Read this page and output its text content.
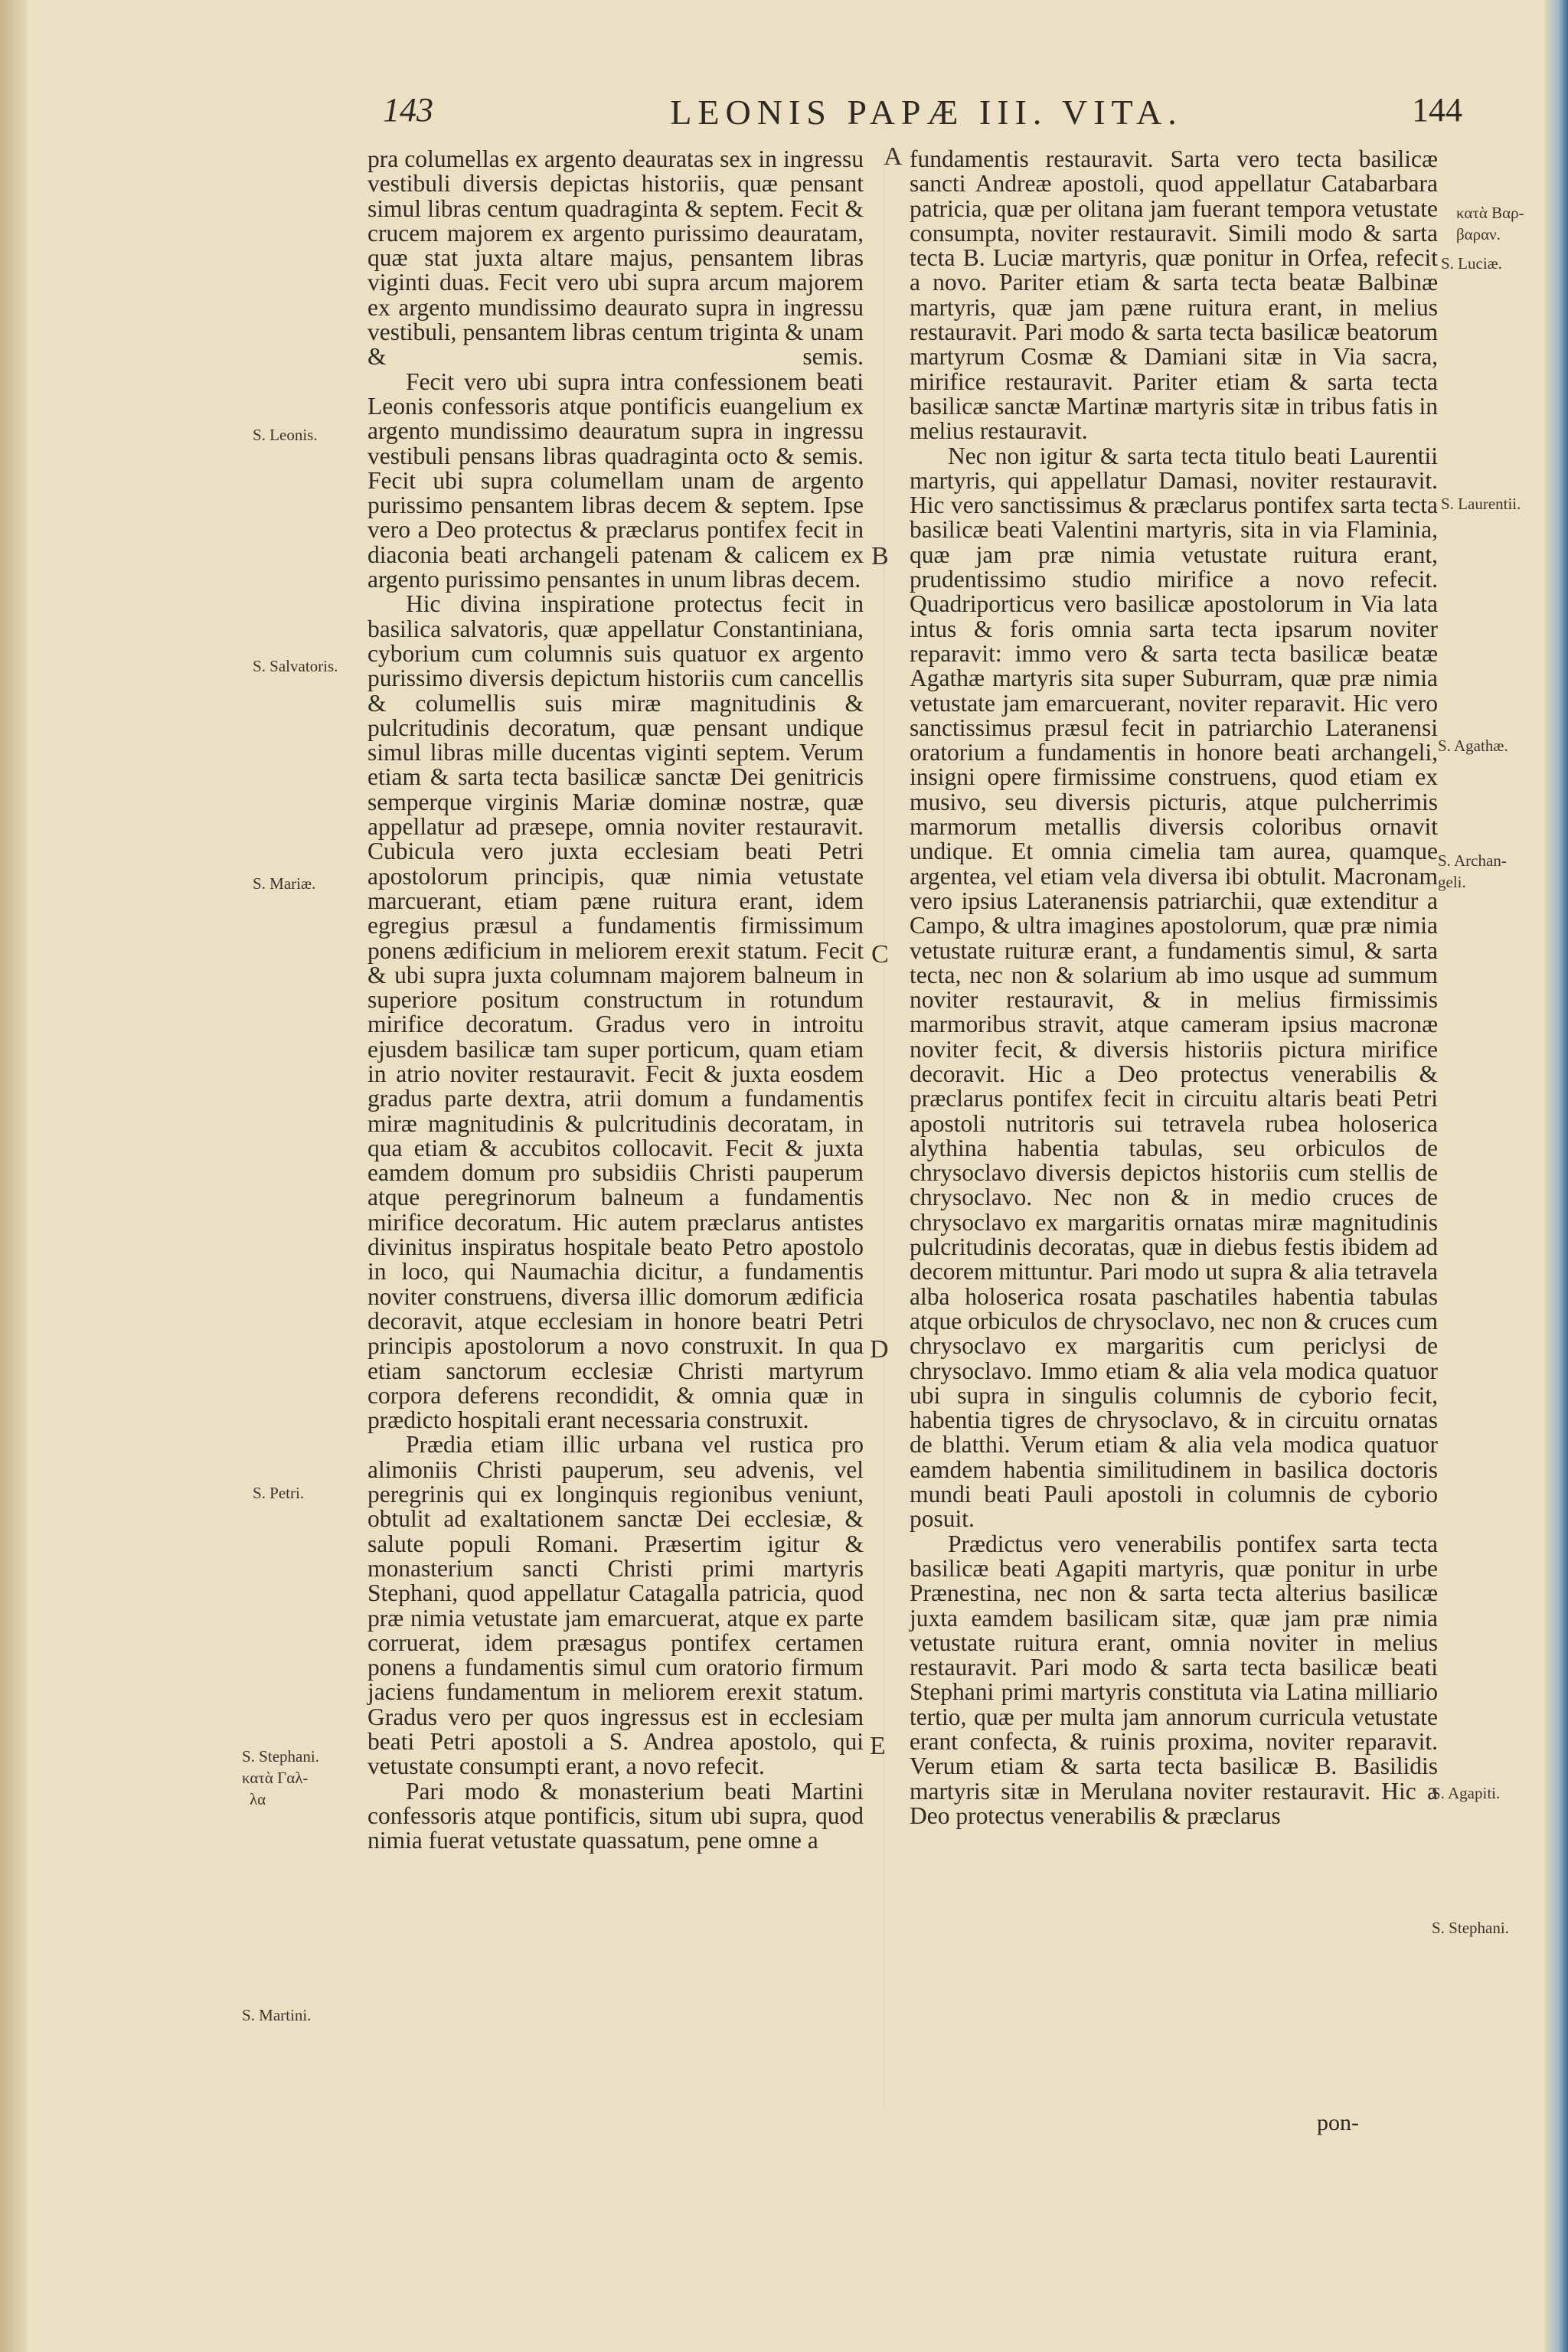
143	LEONIS PAPÆ III. VITA.	144

pra columellas ex argento deauratas sex in ingressu vestibuli diversis depictas historiis, quæ pensant simul libras centum quadraginta & septem. Fecit & crucem majorem ex argento purissimo deauratam, quæ stat juxta altare majus, pensantem libras viginti duas. Fecit vero ubi supra arcum majorem ex argento mundissimo deaurato supra in ingressu vestibuli, pensantem libras centum triginta & unam & semis.

Fecit vero ubi supra intra confessionem beati Leonis confessoris atque pontificis euangelium ex argento mundissimo deauratum supra in ingressu vestibuli pensans libras quadraginta octo & semis. Fecit ubi supra columellam unam de argento purissimo pensantem libras decem & septem. Ipse vero a Deo protectus & præclarus pontifex fecit in diaconia beati archangeli patenam & calicem ex argento purissimo pensantes in unum libras decem.

Hic divina inspiratione protectus fecit in basilica salvatoris, quæ appellatur Constantiniana, cyborium cum columnis suis quatuor ex argento purissimo diversis depictum historiis cum cancellis & columellis suis miræ magnitudinis & pulcritudinis decoratum, quæ pensant undique simul libras mille ducentas viginti septem. Verum etiam & sarta tecta basilicæ sanctæ Dei genitricis semperque virginis Mariæ dominæ nostræ, quæ appellatur ad præsepe, omnia noviter restauravit. Cubicula vero juxta ecclesiam beati Petri apostolorum principis, quæ nimia vetustate marcuerant, etiam pæne ruitura erant, idem egregius præsul a fundamentis firmissimum ponens ædificium in meliorem erexit statum. Fecit & ubi supra juxta columnam majorem balneum in superiore positum constructum in rotundum mirifice decoratum. Gradus vero in introitu ejusdem basilicæ tam super porticum, quam etiam in atrio noviter restauravit. Fecit & juxta eosdem gradus parte dextra, atrii domum a fundamentis miræ magnitudinis & pulcritudinis decoratam, in qua etiam & accubitos collocavit. Fecit & juxta eamdem domum pro subsidiis Christi pauperum atque peregrinorum balneum a fundamentis mirifice decoratum. Hic autem præclarus antistes divinitus inspiratus hospitale beato Petro apostolo in loco, qui Naumachia dicitur, a fundamentis noviter construens, diversa illic domorum ædificia decoravit, atque ecclesiam in honore beatri Petri principis apostolorum a novo construxit. In qua etiam sanctorum ecclesiæ Christi martyrum corpora deferens recondidit, & omnia quæ in prædicto hospitali erant necessaria construxit.

Prædia etiam illic urbana vel rustica pro alimoniis Christi pauperum, seu advenis, vel peregrinis qui ex longinquis regionibus veniunt, obtulit ad exaltationem sanctæ Dei ecclesiæ, & salute populi Romani. Præsertim igitur & monasterium sancti Christi primi martyris Stephani, quod appellatur Catagalla patricia, quod præ nimia vetustate jam emarcuerat, atque ex parte corruerat, idem præsagus pontifex certamen ponens a fundamentis simul cum oratorio firmum jaciens fundamentum in meliorem erexit statum. Gradus vero per quos ingressus est in ecclesiam beati Petri apostoli a S. Andrea apostolo, qui vetustate consumpti erant, a novo refecit.

Pari modo & monasterium beati Martini confessoris atque pontificis, situm ubi supra, quod nimia fuerat vetustate quassatum, pene omne a

fundamentis restauravit. Sarta vero tecta basilicæ sancti Andreæ apostoli, quod appellatur Catabarbara patricia, quæ per olitana jam fuerant tempora vetustate consumpta, noviter restauravit. Simili modo & sarta tecta B. Luciæ martyris, quæ ponitur in Orfea, refecit a novo. Pariter etiam & sarta tecta beatæ Balbinæ martyris, quæ jam pæne ruitura erant, in melius restauravit. Pari modo & sarta tecta basilicæ beatorum martyrum Cosmæ & Damiani sitæ in Via sacra, mirifice restauravit. Pariter etiam & sarta tecta basilicæ sanctæ Martinæ martyris sitæ in tribus fatis in melius restauravit.

Nec non igitur & sarta tecta titulo beati Laurentii martyris, qui appellatur Damasi, noviter restauravit. Hic vero sanctissimus & præclarus pontifex sarta tecta basilicæ beati Valentini martyris, sita in via Flaminia, quæ jam præ nimia vetustate ruitura erant, prudentissimo studio mirifice a novo refecit. Quadriporticus vero basilicæ apostolorum in Via lata intus & foris omnia sarta tecta ipsarum noviter reparavit: immo vero & sarta tecta basilicæ beatæ Agathæ martyris sita super Suburram, quæ præ nimia vetustate jam emarcuerant, noviter reparavit. Hic vero sanctissimus præsul fecit in patriarchio Lateranensi oratorium a fundamentis in honore beati archangeli, insigni opere firmissime construens, quod etiam ex musivo, seu diversis picturis, atque pulcherrimis marmorum metallis diversis coloribus ornavit undique. Et omnia cimelia tam aurea, quamque argentea, vel etiam vela diversa ibi obtulit. Macronam vero ipsius Lateranensis patriarchii, quæ extenditur a Campo, & ultra imagines apostolorum, quæ præ nimia vetustate ruituræ erant, a fundamentis simul, & sarta tecta, nec non & solarium ab imo usque ad summum noviter restauravit, & in melius firmissimis marmoribus stravit, atque cameram ipsius macronæ noviter fecit, & diversis historiis pictura mirifice decoravit. Hic a Deo protectus venerabilis & præclarus pontifex fecit in circuitu altaris beati Petri apostoli nutritoris sui tetravela rubea holoserica alythina habentia tabulas, seu orbiculos de chrysoclavo diversis depictos historiis cum stellis de chrysoclavo. Nec non & in medio cruces de chrysoclavo ex margaritis ornatas miræ magnitudinis pulcritudinis decoratas, quæ in diebus festis ibidem ad decorem mittuntur. Pari modo ut supra & alia tetravela alba holoserica rosata paschatiles habentia tabulas atque orbiculos de chrysoclavo, nec non & cruces cum chrysoclavo ex margaritis cum periclysi de chrysoclavo. Immo etiam & alia vela modica quatuor ubi supra in singulis columnis de cyborio fecit, habentia tigres de chrysoclavo, & in circuitu ornatas de blatthi. Verum etiam & alia vela modica quatuor eamdem habentia similitudinem in basilica doctoris mundi beati Pauli apostoli in columnis de cyborio posuit.

Prædictus vero venerabilis pontifex sarta tecta basilicæ beati Agapiti martyris, quæ ponitur in urbe Prænestina, nec non & sarta tecta alterius basilicæ juxta eamdem basilicam sitæ, quæ jam præ nimia vetustate ruitura erant, omnia noviter in melius restauravit. Pari modo & sarta tecta basilicæ beati Stephani primi martyris constituta via Latina milliario tertio, quæ per multa jam annorum curricula vetustate erant confecta, & ruinis proxima, noviter reparavit. Verum etiam & sarta tecta basilicæ B. Basilidis martyris sitæ in Merulana noviter restauravit. Hic a Deo protectus venerabilis & præclarus

pon-
A
B
C
D
E
S. Leonis.
S. Salvatoris.
S. Mariæ.
S. Petri.
S. Stephani.
κατὰ Γαλ-
λα
S. Martini.
κατὰ Βαρ-
βαραν.
S. Luciæ.
S. Laurentii.
S. Agathæ.
S. Archan-
geli.
S. Agapiti.
S. Stephani.
